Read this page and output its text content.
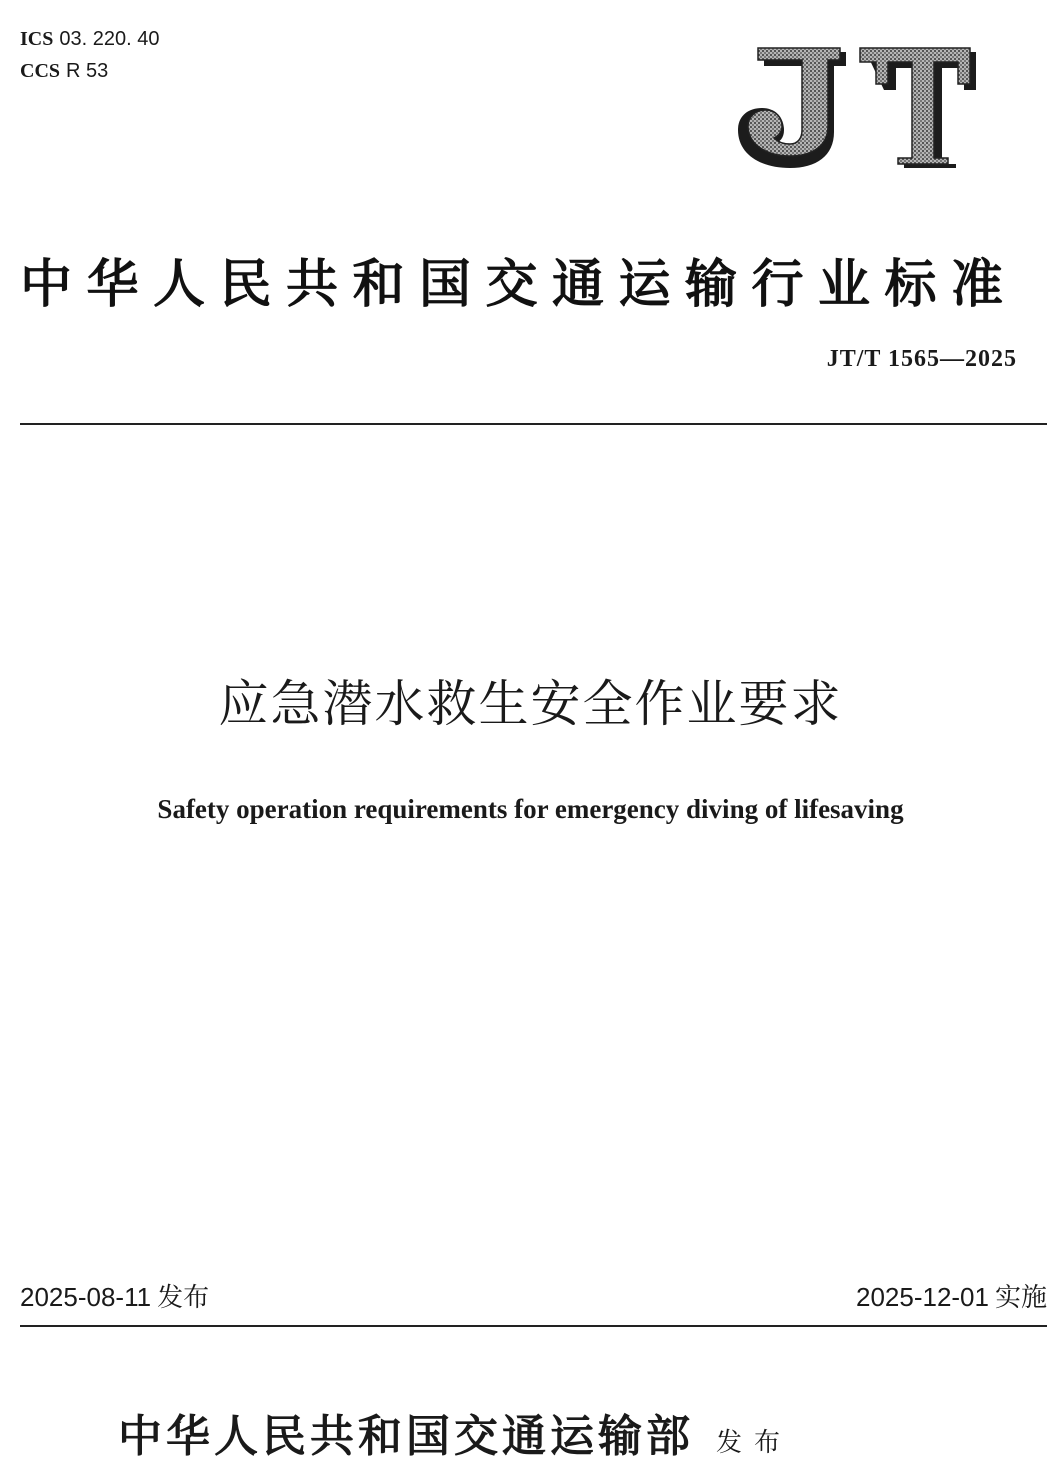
ICS 03. 220. 40
CCS R 53
中华人民共和国交通运输行业标准
JT/T 1565—2025
应急潜水救生安全作业要求
Safety operation requirements for emergency diving of lifesaving
2025-08-11 发布	2025-12-01 实施
中华人民共和国交通运输部 发布
